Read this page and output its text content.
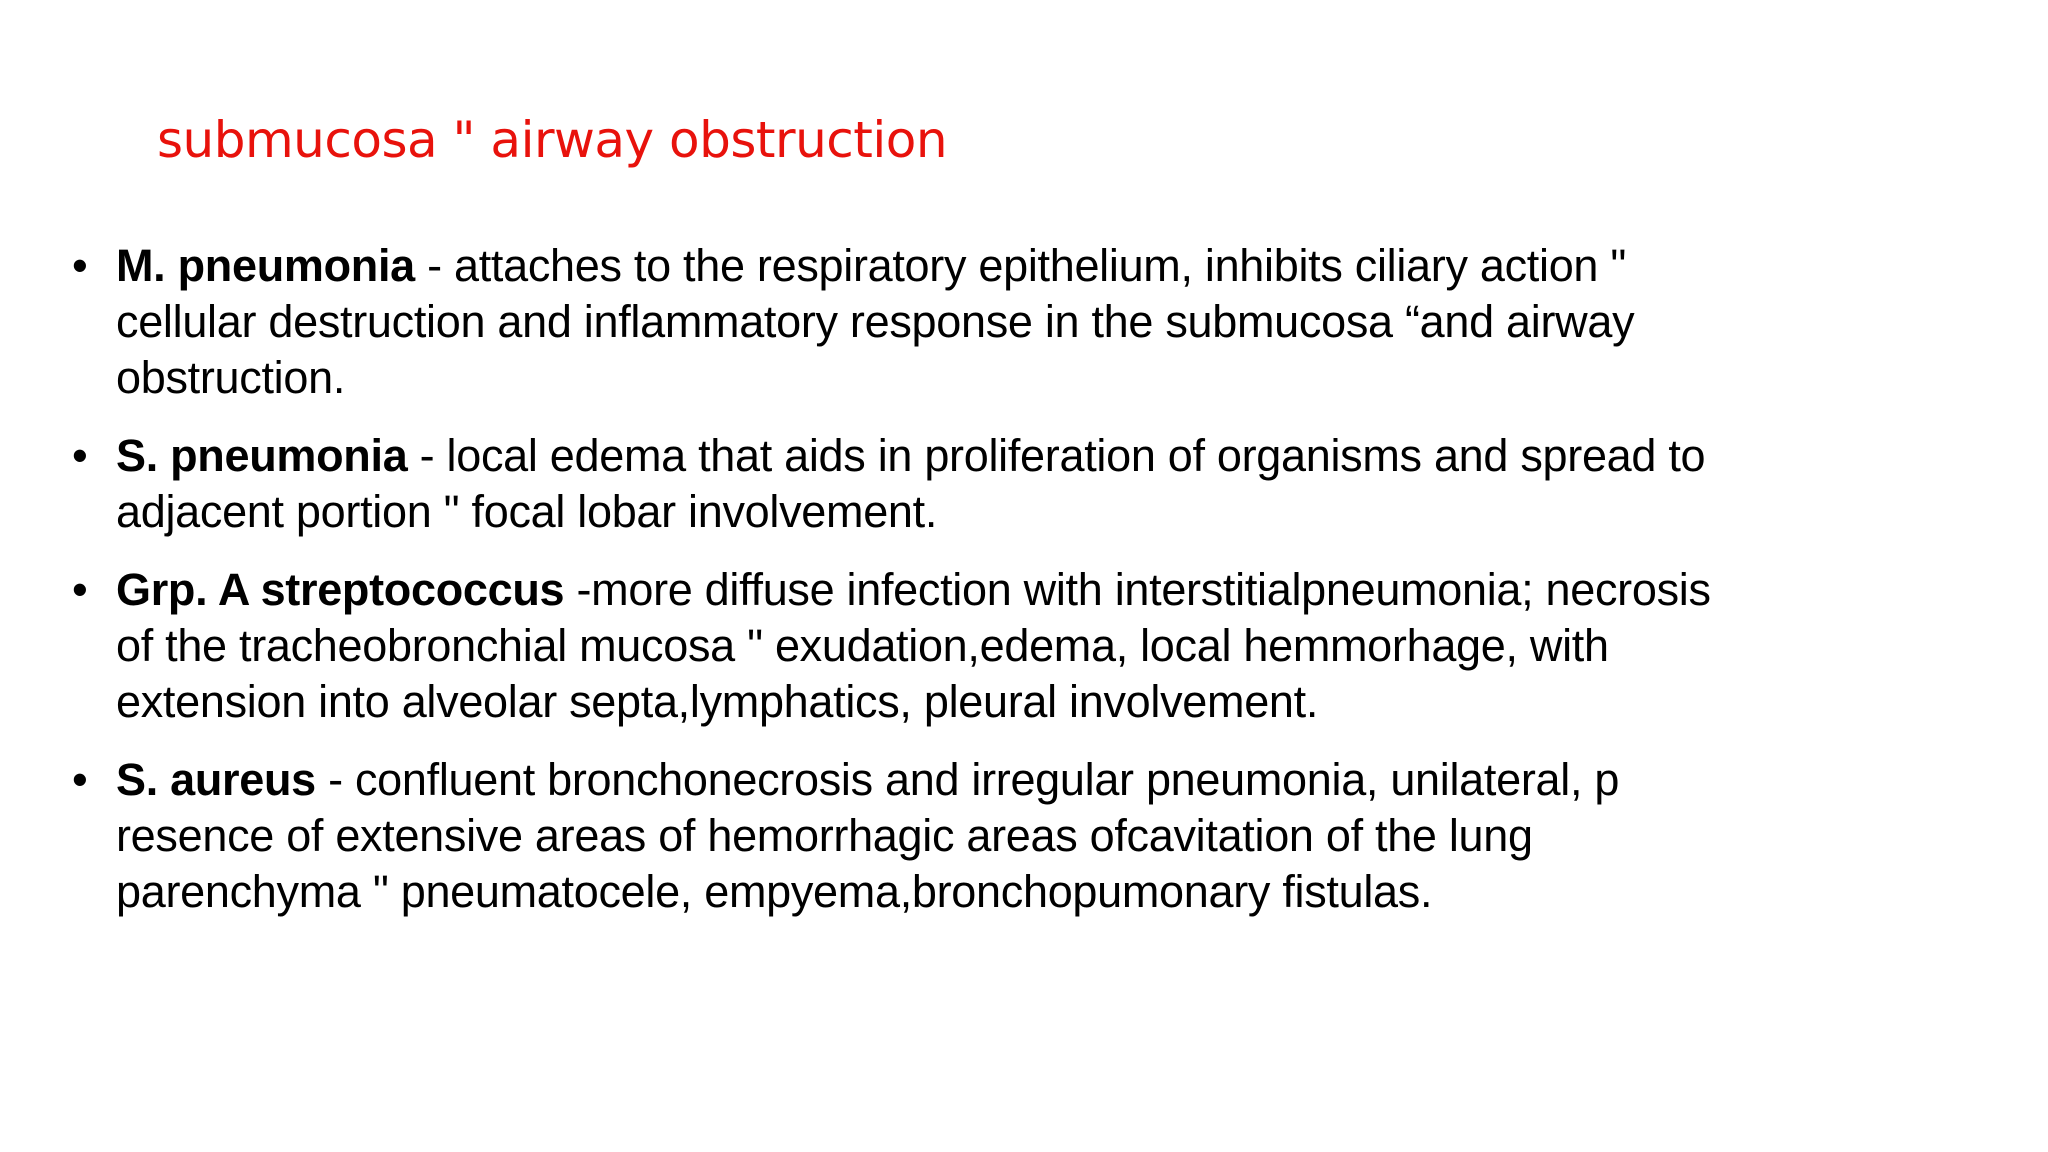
submucosa " airway obstruction
• M. pneumonia - attaches to the respiratory epithelium, inhibits ciliary action "
cellular destruction and inflammatory response in the submucosa “and airway
obstruction.
• S. pneumonia - local edema that aids in proliferation of organisms and spread to
adjacent portion " focal lobar involvement.
• Grp. A streptococcus -more diffuse infection with interstitialpneumonia; necrosis
of the tracheobronchial mucosa " exudation,edema, local hemmorhage, with
extension into alveolar septa,lymphatics, pleural involvement.
• S. aureus - confluent bronchonecrosis and irregular pneumonia, unilateral, p
resence of extensive areas of hemorrhagic areas ofcavitation of the lung
parenchyma " pneumatocele, empyema,bronchopumonary fistulas.
